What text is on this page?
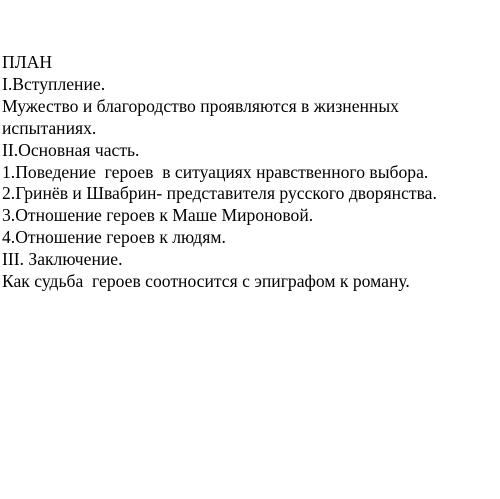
ПЛАН
I.Вступление.
Мужество и благородство проявляются в жизненных
испытаниях.
II.Основная часть.
1.Поведение  героев  в ситуациях нравственного выбора.
2.Гринёв и Швабрин- представителя русского дворянства.
3.Отношение героев к Маше Мироновой.
4.Отношение героев к людям.
III. Заключение.
Как судьба  героев соотносится с эпиграфом к роману.
